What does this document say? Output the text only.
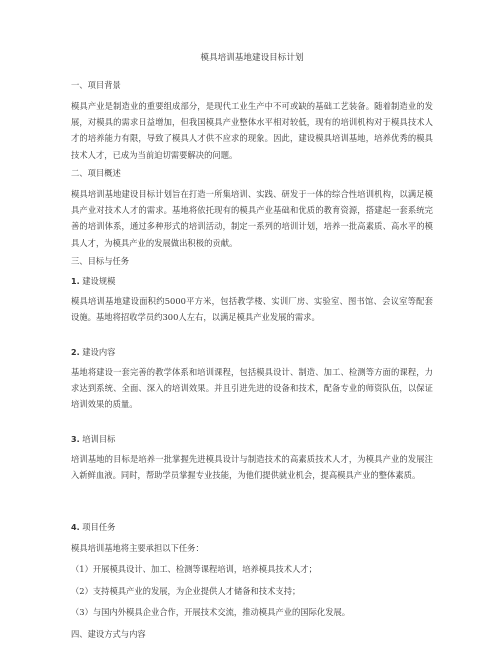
模具培训基地建设目标计划
一、项目背景
模具产业是制造业的重要组成部分，是现代工业生产中不可或缺的基础工艺装备。随着制造业的发展，对模具的需求日益增加，但我国模具产业整体水平相对较低，现有的培训机构对于模具技术人才的培养能力有限，导致了模具人才供不应求的现象。因此，建设模具培训基地，培养优秀的模具技术人才，已成为当前迫切需要解决的问题。
二、项目概述
模具培训基地建设目标计划旨在打造一所集培训、实践、研发于一体的综合性培训机构，以满足模具产业对技术人才的需求。基地将依托现有的模具产业基础和优质的教育资源，搭建起一套系统完善的培训体系，通过多种形式的培训活动，制定一系列的培训计划，培养一批高素质、高水平的模具人才，为模具产业的发展做出积极的贡献。
三、目标与任务
1. 建设规模
模具培训基地建设面积约5000平方米，包括教学楼、实训厂房、实验室、图书馆、会议室等配套设施。基地将招收学员约300人左右，以满足模具产业发展的需求。
2. 建设内容
基地将建设一套完善的教学体系和培训课程，包括模具设计、制造、加工、检测等方面的课程，力求达到系统、全面、深入的培训效果。并且引进先进的设备和技术，配备专业的师资队伍，以保证培训效果的质量。
3. 培训目标
培训基地的目标是培养一批掌握先进模具设计与制造技术的高素质技术人才，为模具产业的发展注入新鲜血液。同时，帮助学员掌握专业技能，为他们提供就业机会，提高模具产业的整体素质。
4. 项目任务
模具培训基地将主要承担以下任务：
（1）开展模具设计、加工、检测等课程培训，培养模具技术人才；
（2）支持模具产业的发展，为企业提供人才储备和技术支持；
（3）与国内外模具企业合作，开展技术交流，推动模具产业的国际化发展。
四、建设方式与内容
